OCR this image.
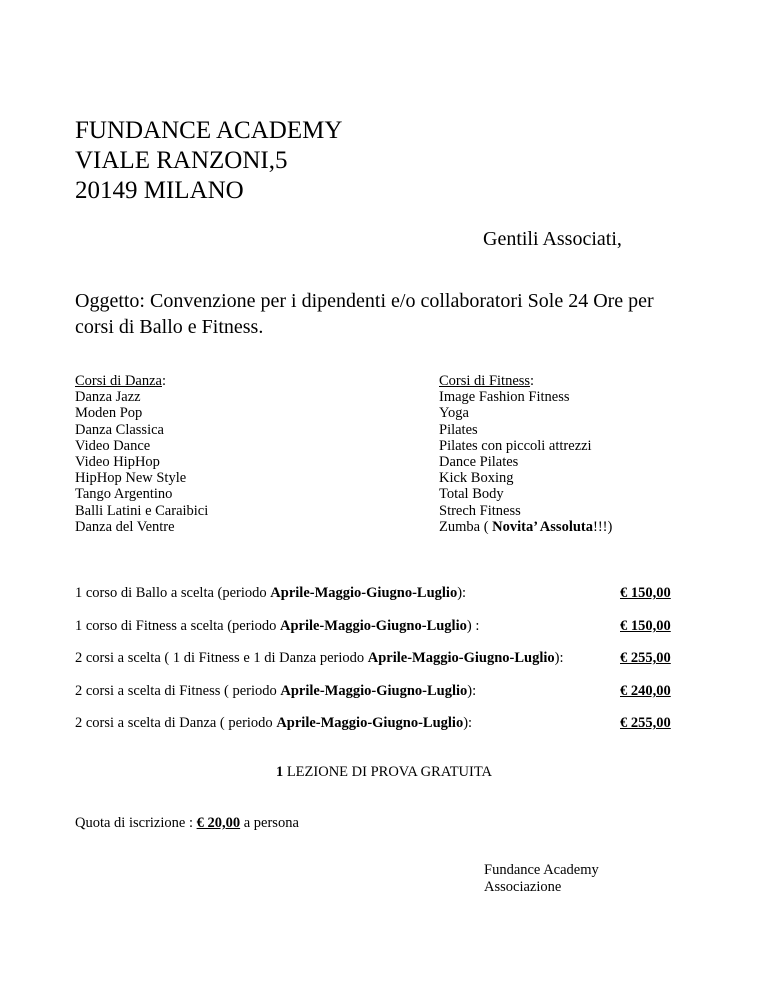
FUNDANCE ACADEMY
VIALE RANZONI,5
20149 MILANO
Gentili Associati,
Oggetto: Convenzione per i dipendenti e/o collaboratori Sole 24 Ore per corsi di Ballo e Fitness.
Corsi di Danza:
Danza Jazz
Moden Pop
Danza Classica
Video Dance
Video HipHop
HipHop New Style
Tango Argentino
Balli Latini e Caraibici
Danza del Ventre
Corsi di Fitness:
Image Fashion Fitness
Yoga
Pilates
Pilates con piccoli attrezzi
Dance Pilates
Kick Boxing
Total Body
Strech Fitness
Zumba ( Novita’ Assoluta!!!)
1 corso di Ballo a scelta (periodo Aprile-Maggio-Giugno-Luglio):	€ 150,00
1 corso di Fitness a scelta (periodo Aprile-Maggio-Giugno-Luglio) :	€ 150,00
2 corsi a scelta ( 1 di Fitness e 1 di Danza periodo Aprile-Maggio-Giugno-Luglio):	€ 255,00
2 corsi a scelta di Fitness ( periodo Aprile-Maggio-Giugno-Luglio):	€ 240,00
2 corsi a scelta di Danza ( periodo Aprile-Maggio-Giugno-Luglio):	€ 255,00
1 LEZIONE DI PROVA GRATUITA
Quota di iscrizione : € 20,00 a persona
Fundance Academy
Associazione
